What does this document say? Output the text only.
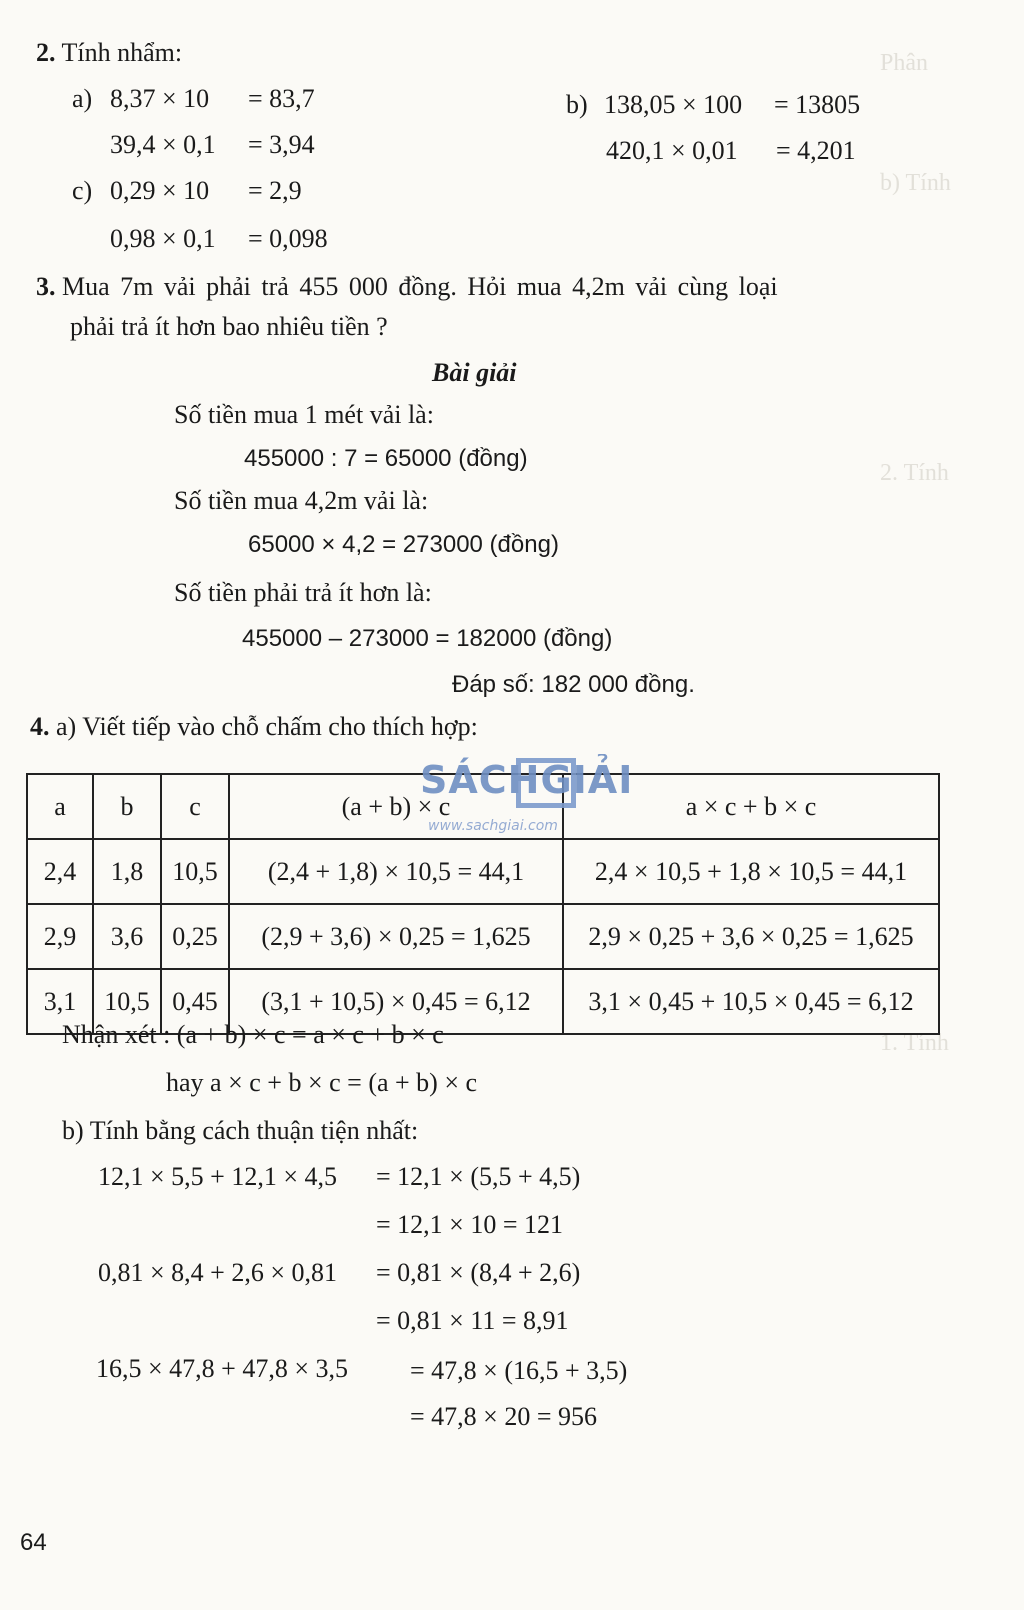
Phân
b) Tính
2. Tính
1. Tính
2. Tính nhẩm:
a) 8,37 × 10 = 83,7
39,4 × 0,1 = 3,94
b) 138,05 × 100 = 13805
420,1 × 0,01 = 4,201
c) 0,29 × 10 = 2,9
0,98 × 0,1 = 0,098
3. Mua 7m vải phải trả 455 000 đồng. Hỏi mua 4,2m vải cùng loại
phải trả ít hơn bao nhiêu tiền ?
Bài giải
Số tiền mua 1 mét vải là:
455000 : 7 = 65000 (đồng)
Số tiền mua 4,2m vải là:
65000 × 4,2 = 273000 (đồng)
Số tiền phải trả ít hơn là:
455000 – 273000 = 182000 (đồng)
Đáp số: 182 000 đồng.
4. a) Viết tiếp vào chỗ chấm cho thích hợp:
a	b	c	(a + b) × c	a × c + b × c
2,4	1,8	10,5	(2,4 + 1,8) × 10,5 = 44,1	2,4 × 10,5 + 1,8 × 10,5 = 44,1
2,9	3,6	0,25	(2,9 + 3,6) × 0,25 = 1,625	2,9 × 0,25 + 3,6 × 0,25 = 1,625
3,1	10,5	0,45	(3,1 + 10,5) × 0,45 = 6,12	3,1 × 0,45 + 10,5 × 0,45 = 6,12
SÁCHGIẢI
www.sachgiai.com
Nhận xét : (a + b) × c = a × c + b × c
hay a × c + b × c = (a + b) × c
b) Tính bằng cách thuận tiện nhất:
12,1 × 5,5 + 12,1 × 4,5 = 12,1 × (5,5 + 4,5)
= 12,1 × 10 = 121
0,81 × 8,4 + 2,6 × 0,81 = 0,81 × (8,4 + 2,6)
= 0,81 × 11 = 8,91
16,5 × 47,8 + 47,8 × 3,5 = 47,8 × (16,5 + 3,5)
= 47,8 × 20 = 956
64
